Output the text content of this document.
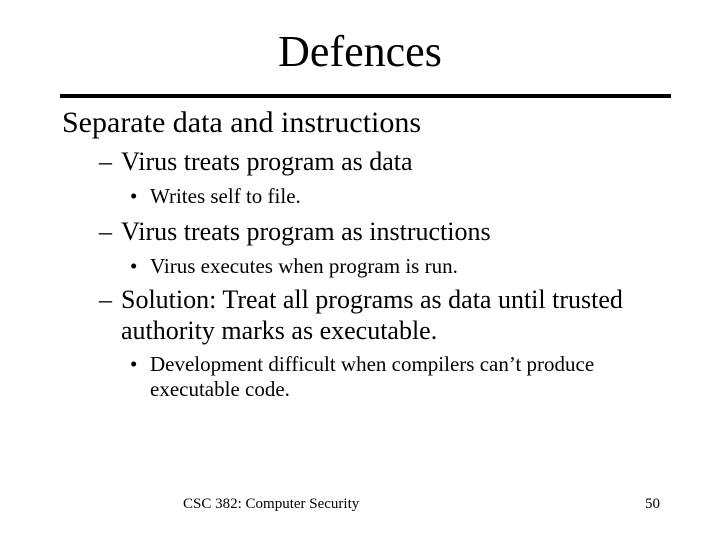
Defences
Separate data and instructions
– Virus treats program as data
• Writes self to file.
– Virus treats program as instructions
• Virus executes when program is run.
– Solution: Treat all programs as data until trusted authority marks as executable.
• Development difficult when compilers can’t produce executable code.
CSC 382: Computer Security	50
